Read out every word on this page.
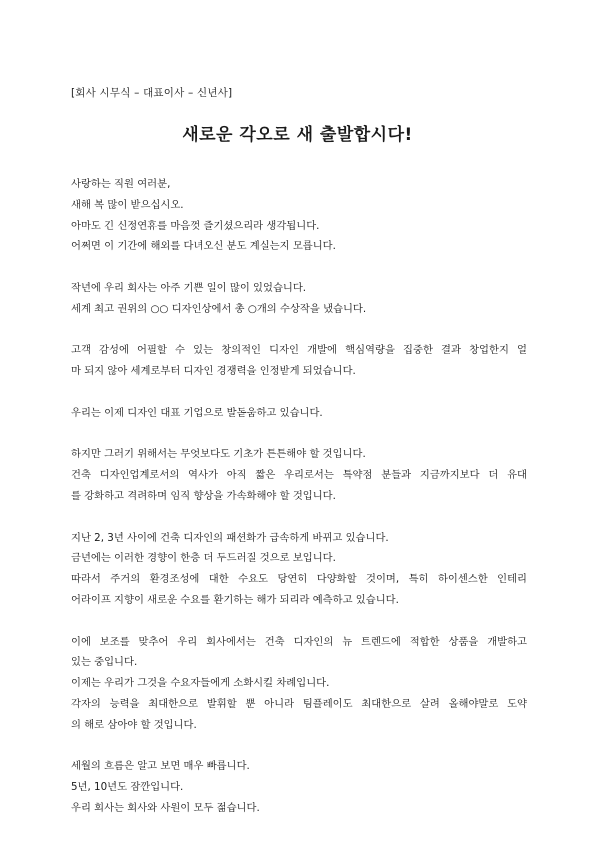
[회사 시무식 – 대표이사 – 신년사]
새로운 각오로 새 출발합시다!
사랑하는 직원 여러분,
새해 복 많이 받으십시오.
아마도 긴 신정연휴를 마음껏 즐기셨으리라 생각됩니다.
어쩌면 이 기간에 해외를 다녀오신 분도 계실는지 모릅니다.
작년에 우리 회사는 아주 기쁜 일이 많이 있었습니다.
세계 최고 권위의 ○○ 디자인상에서 총 ○개의 수상작을 냈습니다.
고객 감성에 어필할 수 있는 창의적인 디자인 개발에 핵심역량을 집중한 결과 창업한지 얼
마 되지 않아 세계로부터 디자인 경쟁력을 인정받게 되었습니다.
우리는 이제 디자인 대표 기업으로 발돋움하고 있습니다.
하지만 그러기 위해서는 무엇보다도 기초가 튼튼해야 할 것입니다.
건축 디자인업계로서의 역사가 아직 짧은 우리로서는 특약점 분들과 지금까지보다 더 유대
를 강화하고 격려하며 임직 향상을 가속화해야 할 것입니다.
지난 2, 3년 사이에 건축 디자인의 패션화가 급속하게 바뀌고 있습니다.
금년에는 이러한 경향이 한층 더 두드러질 것으로 보입니다.
따라서 주거의 환경조성에 대한 수요도 당연히 다양화할 것이며, 특히 하이센스한 인테리
어라이프 지향이 새로운 수요를 환기하는 해가 되리라 예측하고 있습니다.
이에 보조를 맞추어 우리 회사에서는 건축 디자인의 뉴 트렌드에 적합한 상품을 개발하고
있는 중입니다.
이제는 우리가 그것을 수요자들에게 소화시킬 차례입니다.
각자의 능력을 최대한으로 발휘할 뿐 아니라 팀플레이도 최대한으로 살려 올해야말로 도약
의 해로 삼아야 할 것입니다.
세월의 흐름은 알고 보면 매우 빠릅니다.
5년, 10년도 잠깐입니다.
우리 회사는 회사와 사원이 모두 젊습니다.
